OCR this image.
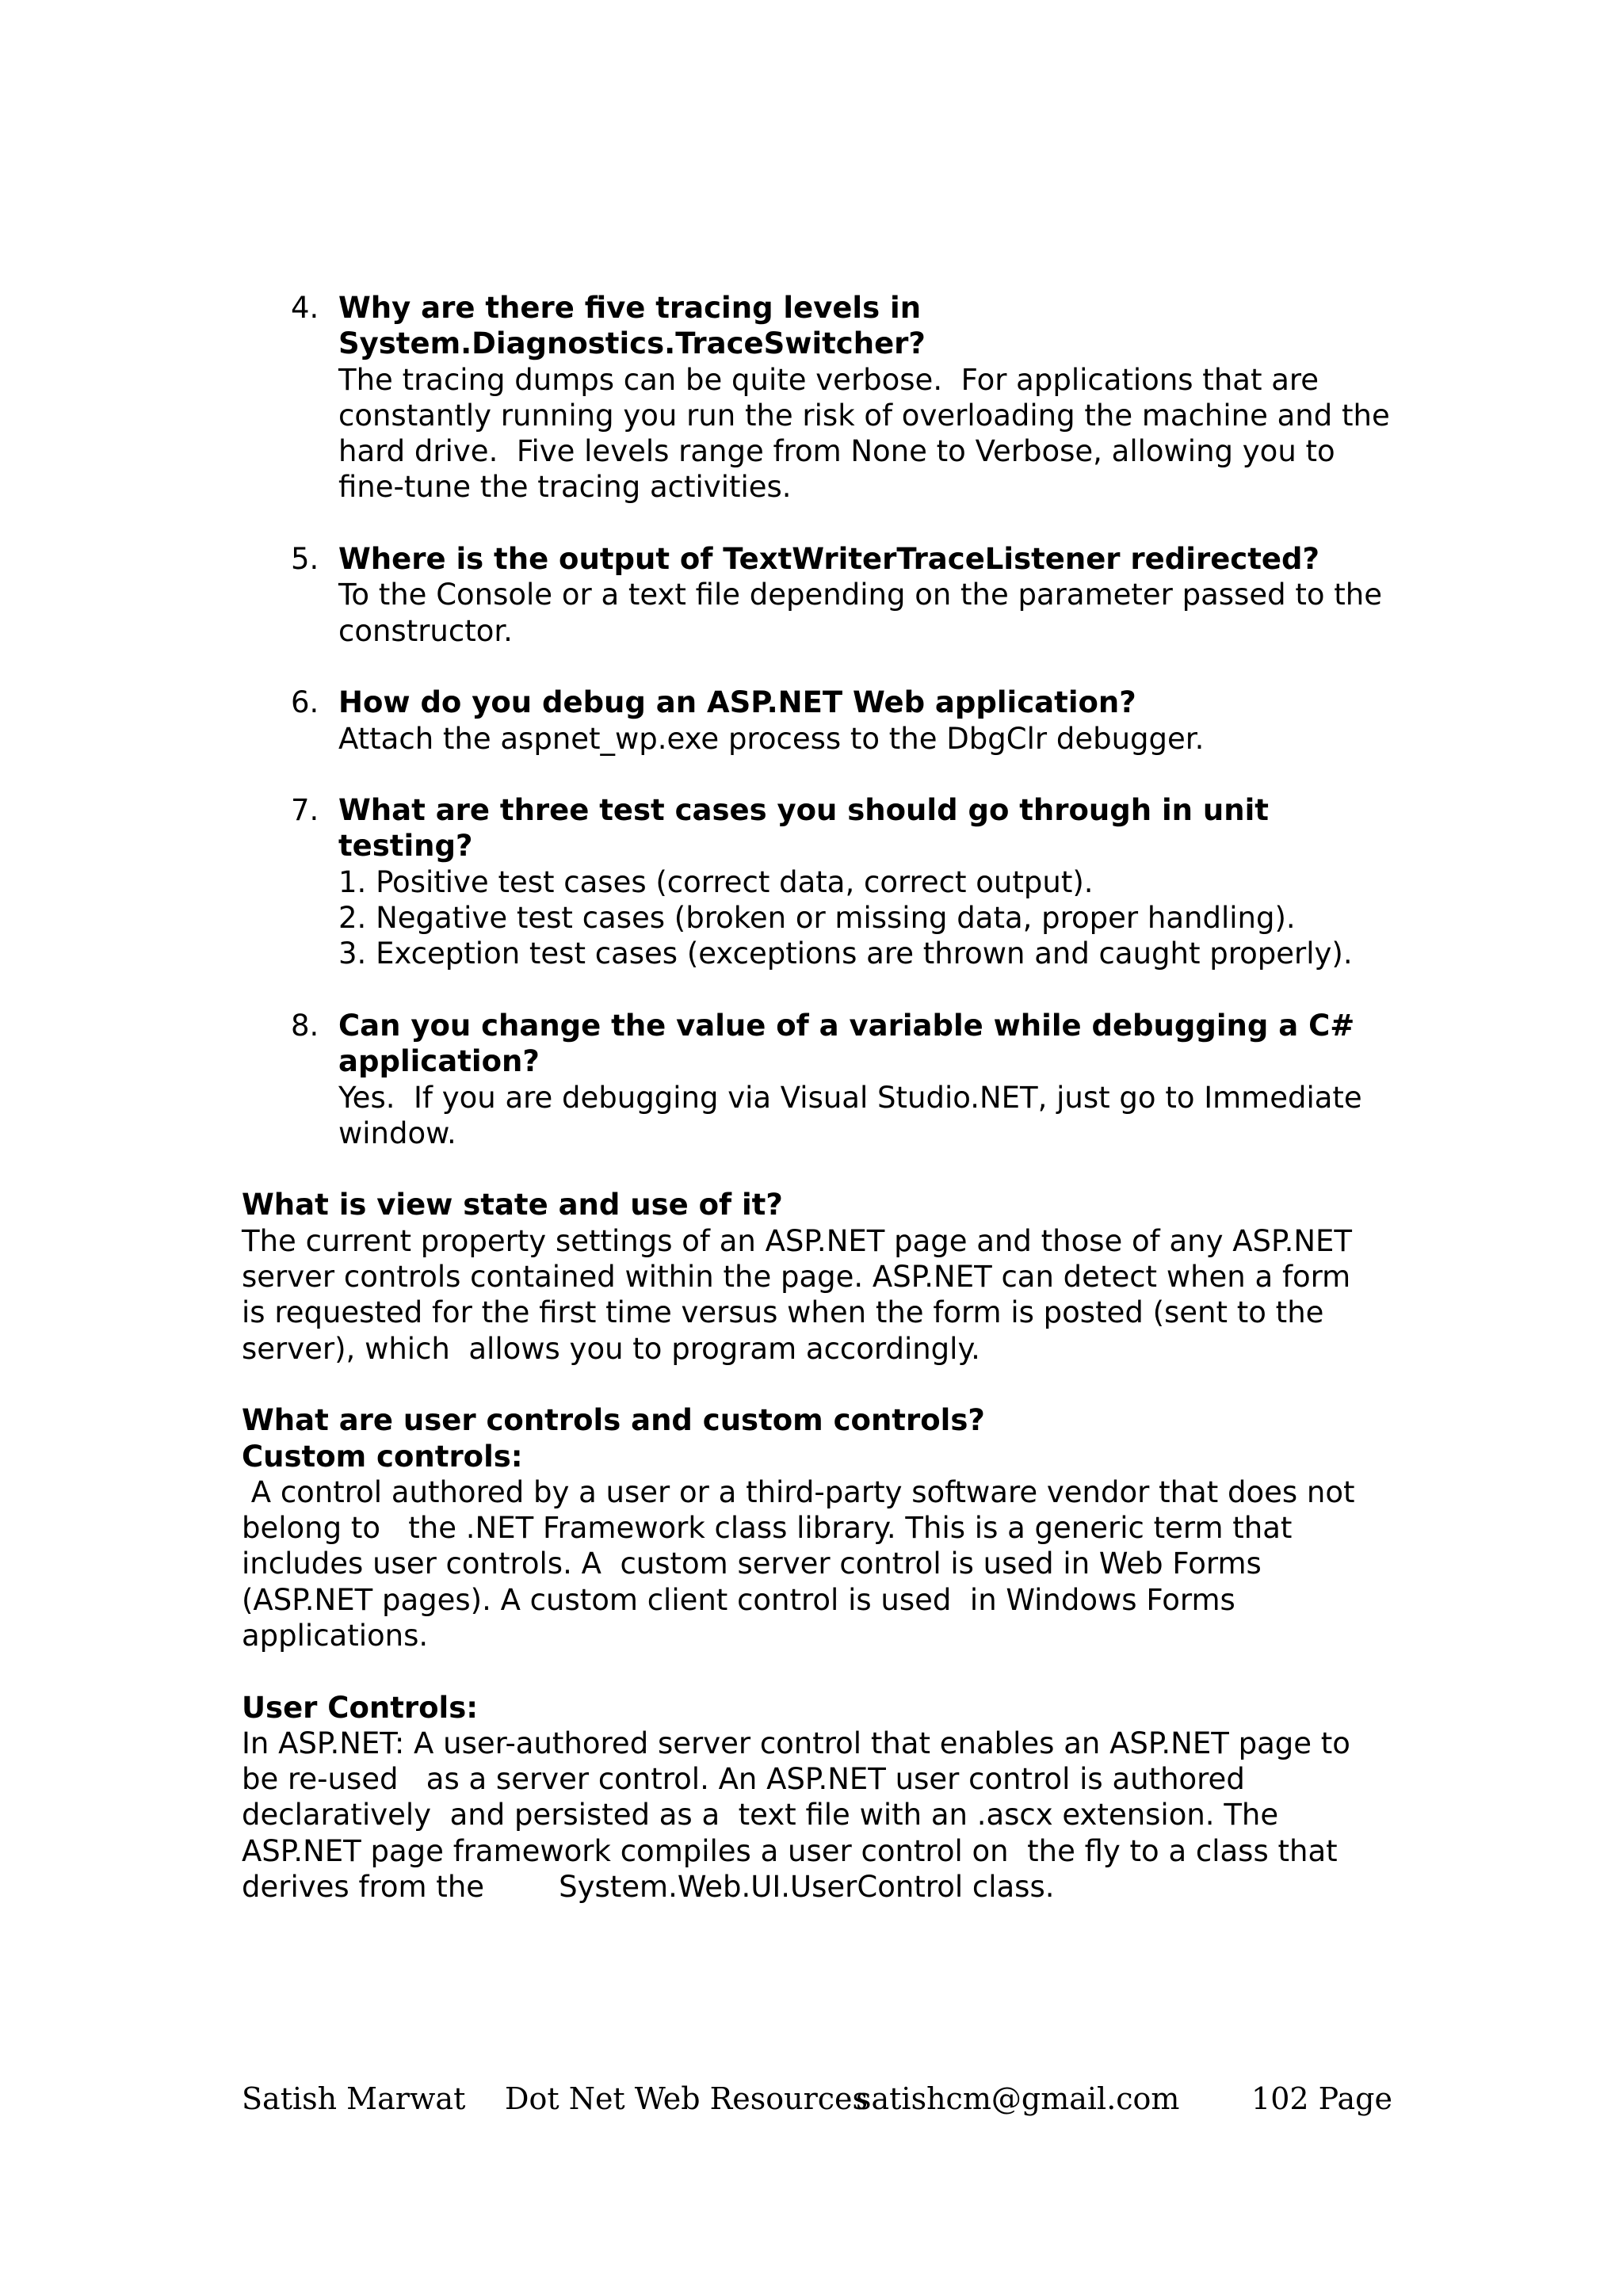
4. Why are there five tracing levels in
System.Diagnostics.TraceSwitcher?
The tracing dumps can be quite verbose.  For applications that are
constantly running you run the risk of overloading the machine and the
hard drive.  Five levels range from None to Verbose, allowing you to
fine-tune the tracing activities.
5. Where is the output of TextWriterTraceListener redirected?
To the Console or a text file depending on the parameter passed to the
constructor.
6. How do you debug an ASP.NET Web application?
Attach the aspnet_wp.exe process to the DbgClr debugger.
7. What are three test cases you should go through in unit
testing?
1. Positive test cases (correct data, correct output).
2. Negative test cases (broken or missing data, proper handling).
3. Exception test cases (exceptions are thrown and caught properly).
8. Can you change the value of a variable while debugging a C#
application?
Yes.  If you are debugging via Visual Studio.NET, just go to Immediate
window.
What is view state and use of it?
The current property settings of an ASP.NET page and those of any ASP.NET
server controls contained within the page. ASP.NET can detect when a form
is requested for the first time versus when the form is posted (sent to the
server), which  allows you to program accordingly.
What are user controls and custom controls?
Custom controls:
A control authored by a user or a third-party software vendor that does not
belong to   the .NET Framework class library. This is a generic term that
includes user controls. A  custom server control is used in Web Forms
(ASP.NET pages). A custom client control is used  in Windows Forms
applications.
User Controls:
In ASP.NET: A user-authored server control that enables an ASP.NET page to
be re-used   as a server control. An ASP.NET user control is authored
declaratively  and persisted as a  text file with an .ascx extension. The
ASP.NET page framework compiles a user control on  the fly to a class that
derives from the        System.Web.UI.UserControl class.
Satish Marwat Dot Net Web Resources
satishcm@gmail.com 102 Page
